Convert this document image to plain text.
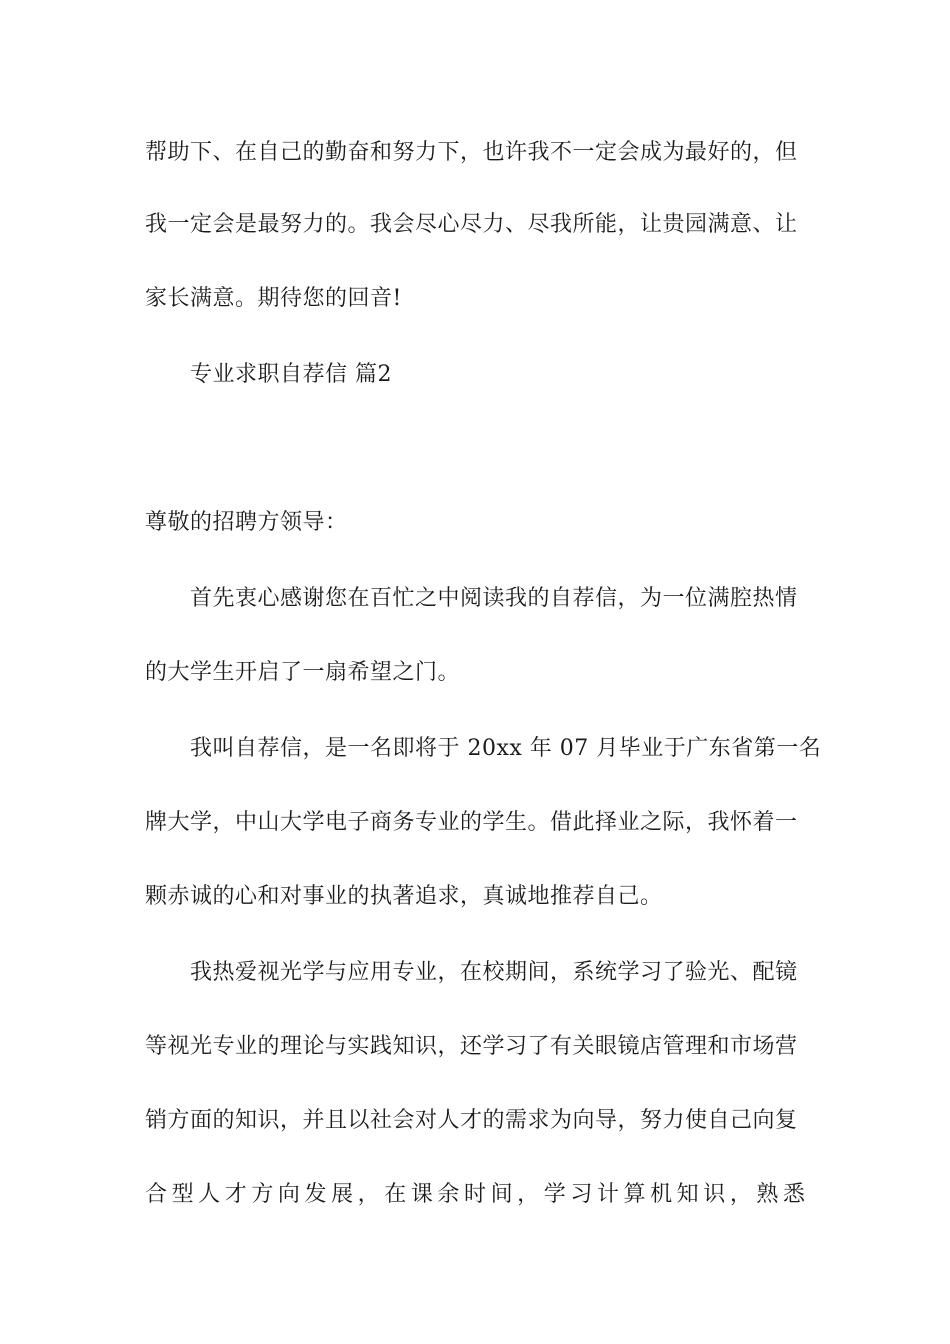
帮助下、在自己的勤奋和努力下，也许我不一定会成为最好的，但
我一定会是最努力的。我会尽心尽力、尽我所能，让贵园满意、让
家长满意。期待您的回音!
专业求职自荐信 篇2
尊敬的招聘方领导：
首先衷心感谢您在百忙之中阅读我的自荐信，为一位满腔热情
的大学生开启了一扇希望之门。
我叫自荐信，是一名即将于 20xx 年 07 月毕业于广东省第一名
牌大学，中山大学电子商务专业的学生。借此择业之际，我怀着一
颗赤诚的心和对事业的执著追求，真诚地推荐自己。
我热爱视光学与应用专业，在校期间，系统学习了验光、配镜
等视光专业的理论与实践知识，还学习了有关眼镜店管理和市场营
销方面的知识，并且以社会对人才的需求为向导，努力使自己向复
合型人才方向发展，在课余时间，学习计算机知识，熟悉
